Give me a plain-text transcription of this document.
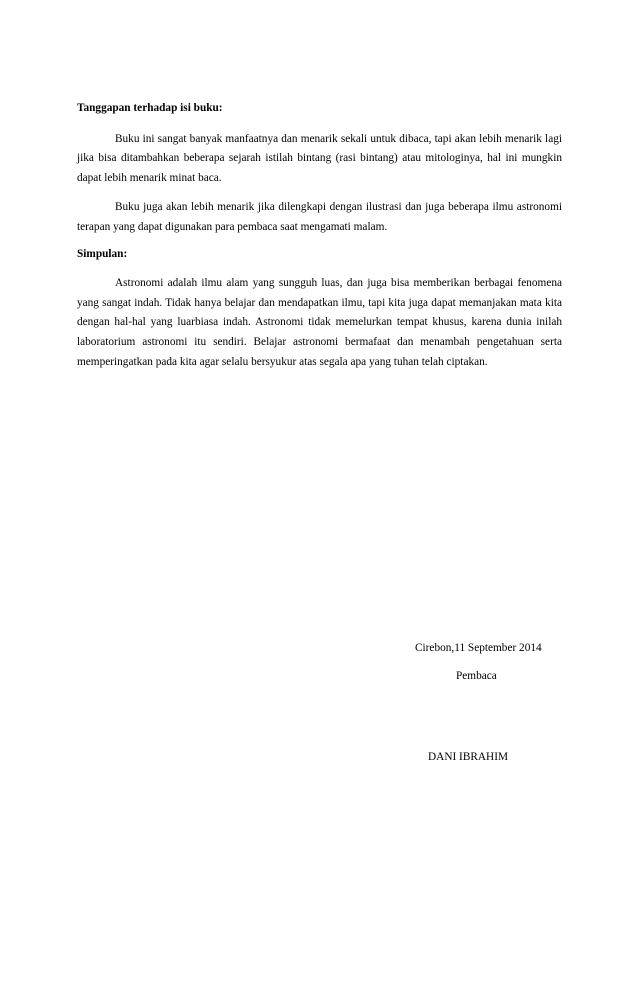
Tanggapan terhadap isi buku:

Buku ini sangat banyak manfaatnya dan menarik sekali untuk dibaca, tapi akan lebih menarik lagi jika bisa ditambahkan beberapa sejarah istilah bintang (rasi bintang) atau mitologinya, hal ini mungkin dapat lebih menarik minat baca.

Buku juga akan lebih menarik jika dilengkapi dengan ilustrasi dan juga beberapa ilmu astronomi terapan yang dapat digunakan para pembaca saat mengamati malam.

Simpulan:

Astronomi adalah ilmu alam yang sungguh luas, dan juga bisa memberikan berbagai fenomena yang sangat indah. Tidak hanya belajar dan mendapatkan ilmu, tapi kita juga dapat memanjakan mata kita dengan hal-hal yang luarbiasa indah. Astronomi tidak memelurkan tempat khusus, karena dunia inilah laboratorium astronomi itu sendiri. Belajar astronomi bermafaat dan menambah pengetahuan serta memperingatkan pada kita agar selalu bersyukur atas segala apa yang tuhan telah ciptakan.

Cirebon,11 September 2014
Pembaca
DANI IBRAHIM
